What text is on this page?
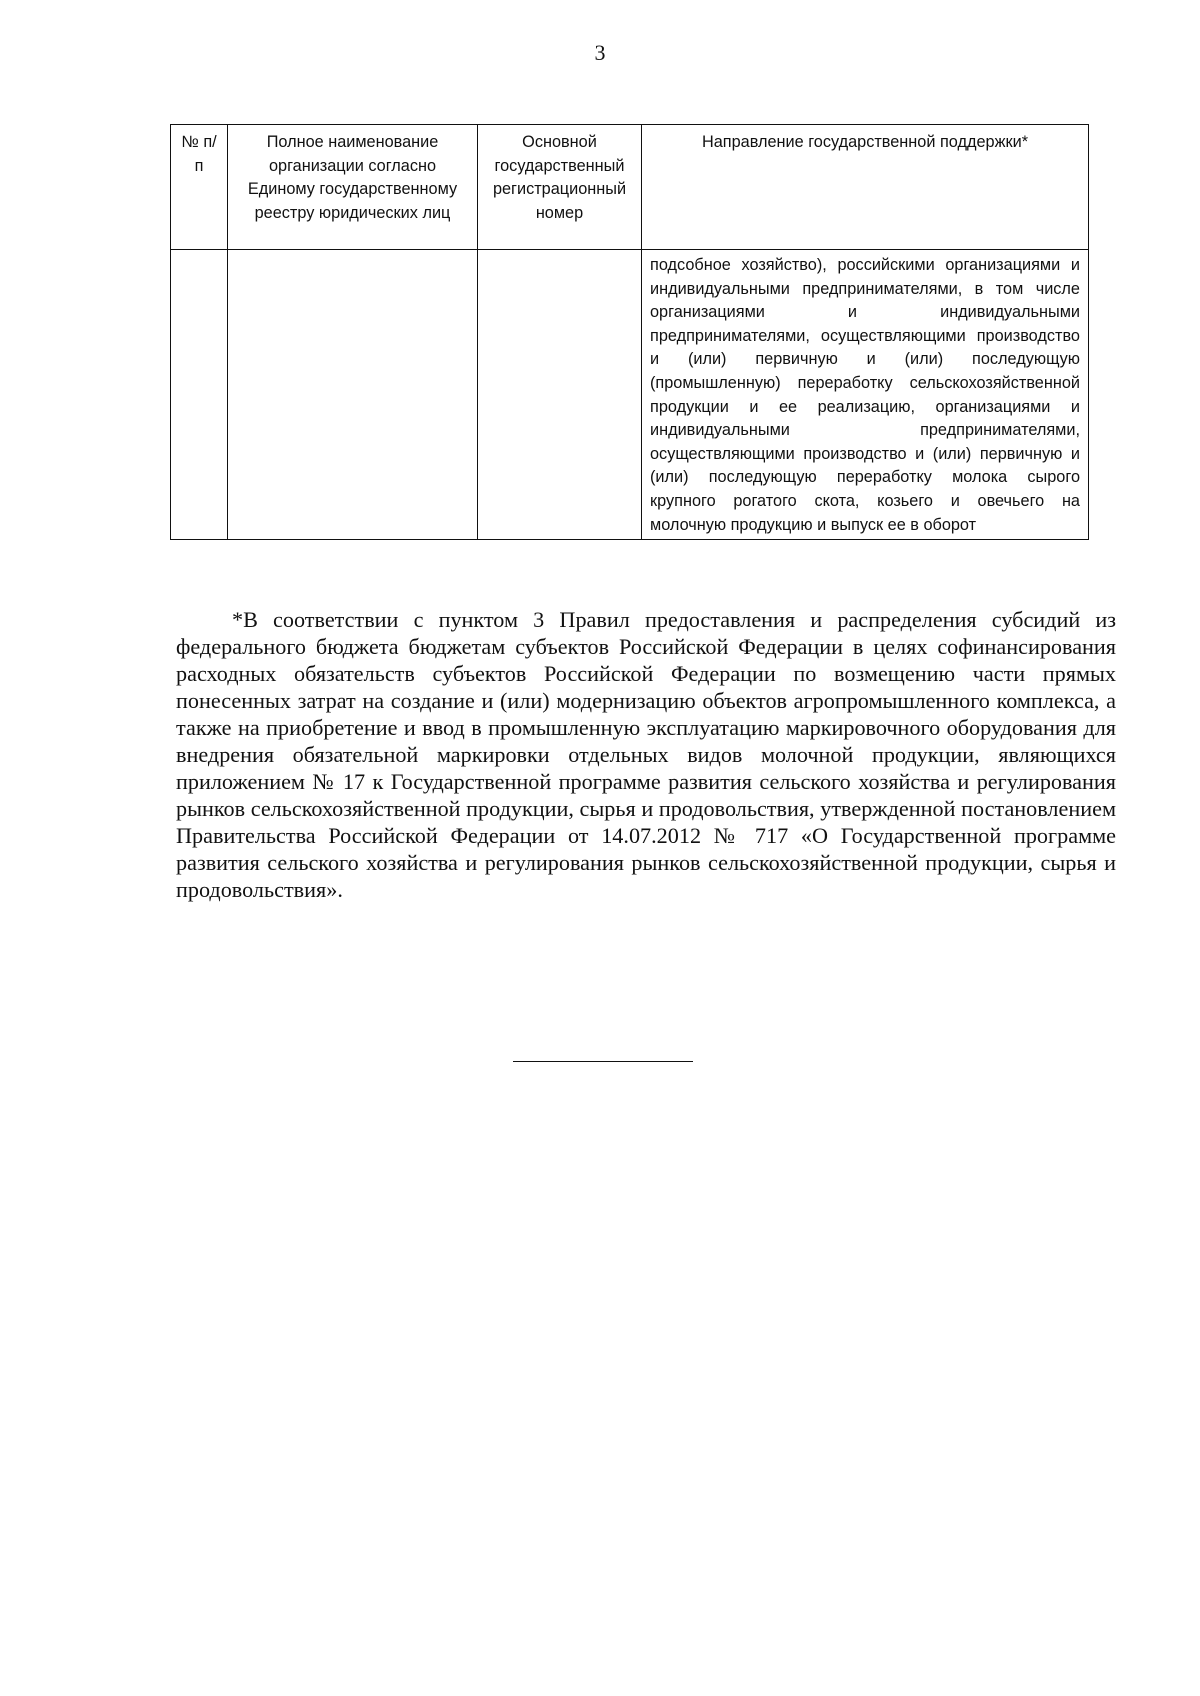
3
№ п/п	Полное наименование организации согласно Единому государственному реестру юридических лиц	Основной государственный регистрационный номер	Направление государственной поддержки*
			подсобное хозяйство), российскими организациями и индивидуальными предпринимателями, в том числе организациями и индивидуальными предпринимателями, осуществляющими производство и (или) первичную и (или) последующую (промышленную) переработку сельскохозяйственной продукции и ее реализацию, организациями и индивидуальными предпринимателями, осуществляющими производство и (или) первичную и (или) последующую переработку молока сырого крупного рогатого скота, козьего и овечьего на молочную продукцию и выпуск ее в оборот

*В соответствии с пунктом 3 Правил предоставления и распределения субсидий из федерального бюджета бюджетам субъектов Российской Федерации в целях софинансирования расходных обязательств субъектов Российской Федерации по возмещению части прямых понесенных затрат на создание и (или) модернизацию объектов агропромышленного комплекса, а также на приобретение и ввод в промышленную эксплуатацию маркировочного оборудования для внедрения обязательной маркировки отдельных видов молочной продукции, являющихся приложением № 17 к Государственной программе развития сельского хозяйства и регулирования рынков сельскохозяйственной продукции, сырья и продовольствия, утвержденной постановлением Правительства Российской Федерации от 14.07.2012 № 717 «О Государственной программе развития сельского хозяйства и регулирования рынков сельскохозяйственной продукции, сырья и продовольствия».
